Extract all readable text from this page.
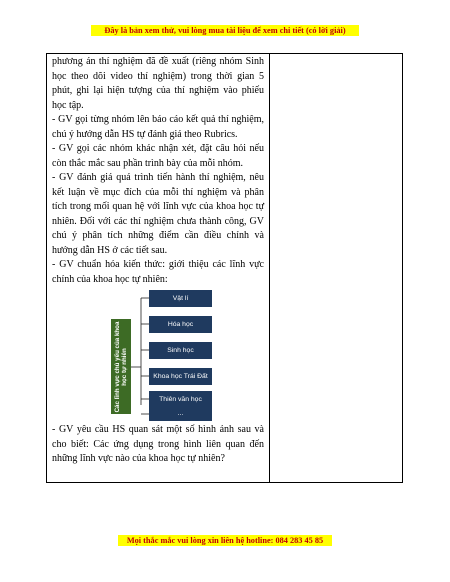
Đây là bản xem thử, vui lòng mua tài liệu để xem chi tiết (có lời giải)

phương án thí nghiệm đã đề xuất (riêng nhóm Sinh học theo dõi video thí nghiệm) trong thời gian 5 phút, ghi lại hiện tượng của thí nghiệm vào phiếu học tập.

- GV gọi từng nhóm lên báo cáo kết quả thí nghiệm, chú ý hướng dẫn HS tự đánh giá theo Rubrics.

- GV gọi các nhóm khác nhận xét, đặt câu hỏi nếu còn thắc mắc sau phần trình bày của mỗi nhóm.

- GV đánh giá quá trình tiến hành thí nghiệm, nêu kết luận về mục đích của mỗi thí nghiệm và phân tích trong mối quan hệ với lĩnh vực của khoa học tự nhiên. Đối với các thí nghiệm chưa thành công, GV chú ý phân tích những điểm cần điều chỉnh và hướng dẫn HS ở các tiết sau.

- GV chuẩn hóa kiến thức: giới thiệu các lĩnh vực chính của khoa học tự nhiên:

Các lĩnh vực chủ yếu của khoa học tự nhiên
Vật lí
Hóa học
Sinh học
Khoa học Trái Đất
Thiên văn học
...

- GV yêu cầu HS quan sát một số hình ảnh sau và cho biết: Các ứng dụng trong hình liên quan đến những lĩnh vực nào của khoa học tự nhiên?

Mọi thắc mắc vui lòng xin liên hệ hotline: 084 283 45 85
